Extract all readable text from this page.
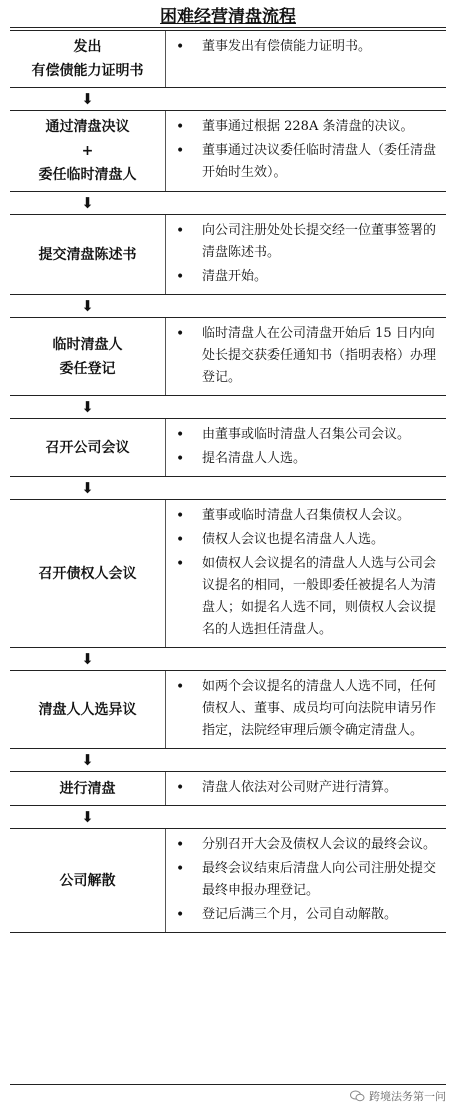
困难经营清盘流程
发出
有偿债能力证明书
•	董事发出有偿债能力证明书。
⬇
通过清盘决议
+
委任临时清盘人
•	董事通过根据 228A 条清盘的决议。
•	董事通过决议委任临时清盘人（委任清盘开始时生效）。
⬇
提交清盘陈述书
•	向公司注册处处长提交经一位董事签署的清盘陈述书。
•	清盘开始。
⬇
临时清盘人
委任登记
•	临时清盘人在公司清盘开始后 15 日内向处长提交获委任通知书（指明表格）办理登记。
⬇
召开公司会议
•	由董事或临时清盘人召集公司会议。
•	提名清盘人人选。
⬇
召开债权人会议
•	董事或临时清盘人召集债权人会议。
•	债权人会议也提名清盘人人选。
•	如债权人会议提名的清盘人人选与公司会议提名的相同，一般即委任被提名人为清盘人；如提名人选不同，则债权人会议提名的人选担任清盘人。
⬇
清盘人人选异议
•	如两个会议提名的清盘人人选不同，任何债权人、董事、成员均可向法院申请另作指定，法院经审理后颁令确定清盘人。
⬇
进行清盘	•	清盘人依法对公司财产进行清算。
⬇
公司解散
•	分别召开大会及债权人会议的最终会议。
•	最终会议结束后清盘人向公司注册处提交最终申报办理登记。
•	登记后满三个月，公司自动解散。
跨境法务第一问
